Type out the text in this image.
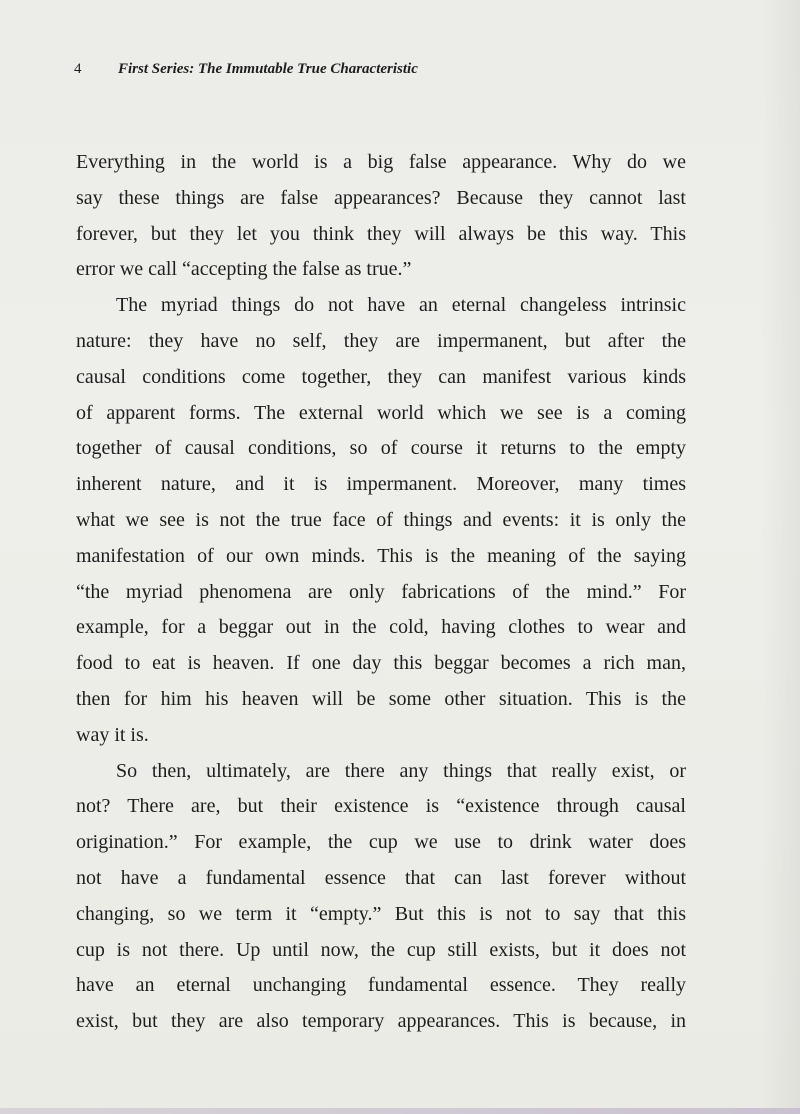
4 First Series: The Immutable True Characteristic
Everything in the world is a big false appearance. Why do we
say these things are false appearances? Because they cannot last
forever, but they let you think they will always be this way. This
error we call “accepting the false as true.”
The myriad things do not have an eternal changeless intrinsic
nature: they have no self, they are impermanent, but after the
causal conditions come together, they can manifest various kinds
of apparent forms. The external world which we see is a coming
together of causal conditions, so of course it returns to the empty
inherent nature, and it is impermanent. Moreover, many times
what we see is not the true face of things and events: it is only the
manifestation of our own minds. This is the meaning of the saying
“the myriad phenomena are only fabrications of the mind.” For
example, for a beggar out in the cold, having clothes to wear and
food to eat is heaven. If one day this beggar becomes a rich man,
then for him his heaven will be some other situation. This is the
way it is.
So then, ultimately, are there any things that really exist, or
not? There are, but their existence is “existence through causal
origination.” For example, the cup we use to drink water does
not have a fundamental essence that can last forever without
changing, so we term it “empty.” But this is not to say that this
cup is not there. Up until now, the cup still exists, but it does not
have an eternal unchanging fundamental essence. They really
exist, but they are also temporary appearances. This is because, in
